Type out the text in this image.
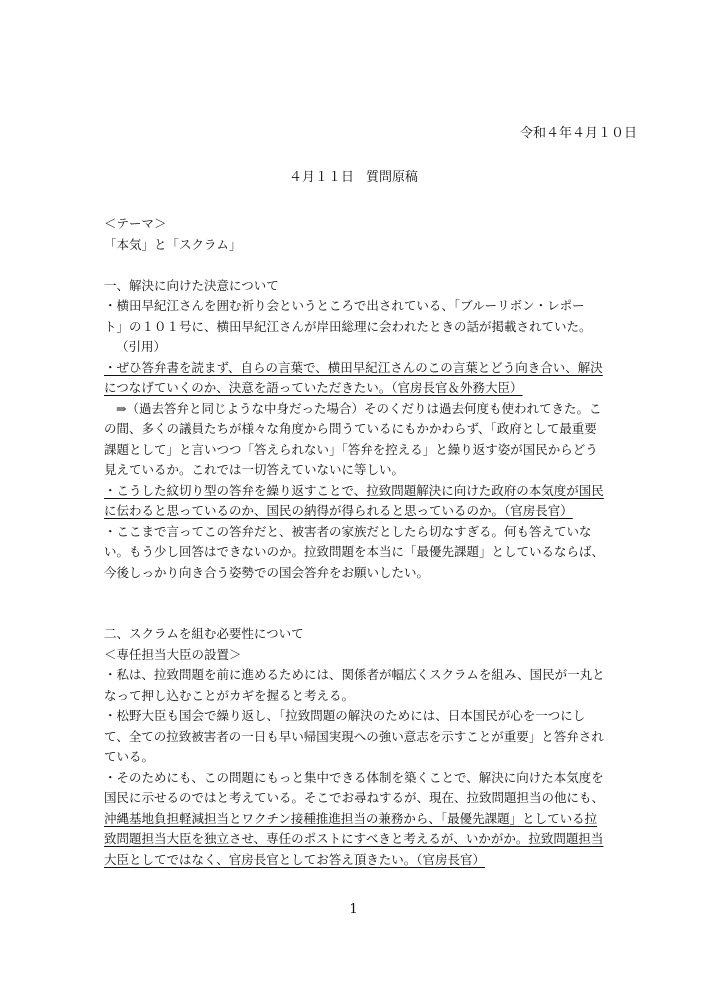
令和４年４月１０日
４月１１日 質問原稿

＜テーマ＞

「本気」と「スクラム」

一、解決に向けた決意について

・横田早紀江さんを囲む祈り会というところで出されている、「ブルーリボン・レポー

ト」の１０１号に、横田早紀江さんが岸田総理に会われたときの話が掲載されていた。

（引用）

・ぜひ答弁書を読まず、自らの言葉で、横田早紀江さんのこの言葉とどう向き合い、解決

につなげていくのか、決意を語っていただきたい。（官房長官＆外務大臣）

⇒（過去答弁と同じような中身だった場合）そのくだりは過去何度も使われてきた。こ

の間、多くの議員たちが様々な角度から問うているにもかかわらず、「政府として最重要

課題として」と言いつつ「答えられない」「答弁を控える」と繰り返す姿が国民からどう

見えているか。これでは一切答えていないに等しい。

・こうした紋切り型の答弁を繰り返すことで、拉致問題解決に向けた政府の本気度が国民

に伝わると思っているのか、国民の納得が得られると思っているのか。（官房長官）

・ここまで言ってこの答弁だと、被害者の家族だとしたら切なすぎる。何も答えていな

い。もう少し回答はできないのか。拉致問題を本当に「最優先課題」としているならば、

今後しっかり向き合う姿勢での国会答弁をお願いしたい。

二、スクラムを組む必要性について

＜専任担当大臣の設置＞

・私は、拉致問題を前に進めるためには、関係者が幅広くスクラムを組み、国民が一丸と

なって押し込むことがカギを握ると考える。

・松野大臣も国会で繰り返し、「拉致問題の解決のためには、日本国民が心を一つにし

て、全ての拉致被害者の一日も早い帰国実現への強い意志を示すことが重要」と答弁され

ている。

・そのためにも、この問題にもっと集中できる体制を築くことで、解決に向けた本気度を

国民に示せるのではと考えている。そこでお尋ねするが、現在、拉致問題担当の他にも、

沖縄基地負担軽減担当とワクチン接種推進担当の兼務から、「最優先課題」としている拉

致問題担当大臣を独立させ、専任のポストにすべきと考えるが、いかがか。拉致問題担当

大臣としてではなく、官房長官としてお答え頂きたい。（官房長官）

1
